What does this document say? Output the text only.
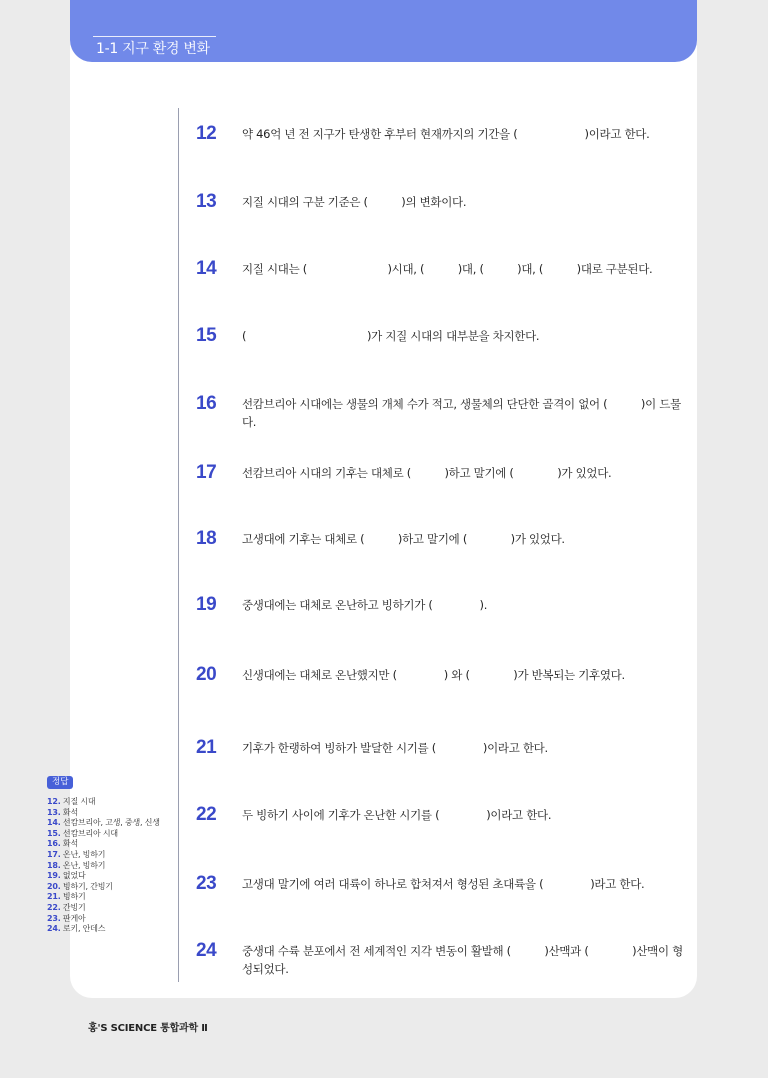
1-1 지구 환경 변화
12	약 46억 년 전 지구가 탄생한 후부터 현재까지의 기간을 (                    )이라고 한다.
13	지질 시대의 구분 기준은 (          )의 변화이다.
14	지질 시대는 (                        )시대, (          )대, (          )대, (          )대로 구분된다.
15	(                                    )가 지질 시대의 대부분을 차지한다.
16	선캄브리아 시대에는 생물의 개체 수가 적고, 생물체의 단단한 골격이 없어 (          )이 드물다.
17	선캄브리아 시대의 기후는 대체로 (          )하고 말기에 (             )가 있었다.
18	고생대에 기후는 대체로 (          )하고 말기에 (             )가 있었다.
19	중생대에는 대체로 온난하고 빙하기가 (              ).
20	신생대에는 대체로 온난했지만 (              ) 와 (             )가 반복되는 기후였다.
21	기후가 한랭하여 빙하가 발달한 시기를 (              )이라고 한다.
22	두 빙하기 사이에 기후가 온난한 시기를 (              )이라고 한다.
23	고생대 말기에 여러 대륙이 하나로 합쳐져서 형성된 초대륙을 (              )라고 한다.
24	중생대 수륙 분포에서 전 세계적인 지각 변동이 활발해 (          )산맥과 (             )산맥이 형성되었다.
정답
12. 지질 시대
13. 화석
14. 선캄브리아, 고생, 중생, 신생
15. 선캄브리아 시대
16. 화석
17. 온난, 빙하기
18. 온난, 빙하기
19. 없었다
20. 빙하기, 간빙기
21. 빙하기
22. 간빙기
23. 판게아
24. 로키, 안데스
홍'S SCIENCE 통합과학 Ⅱ
